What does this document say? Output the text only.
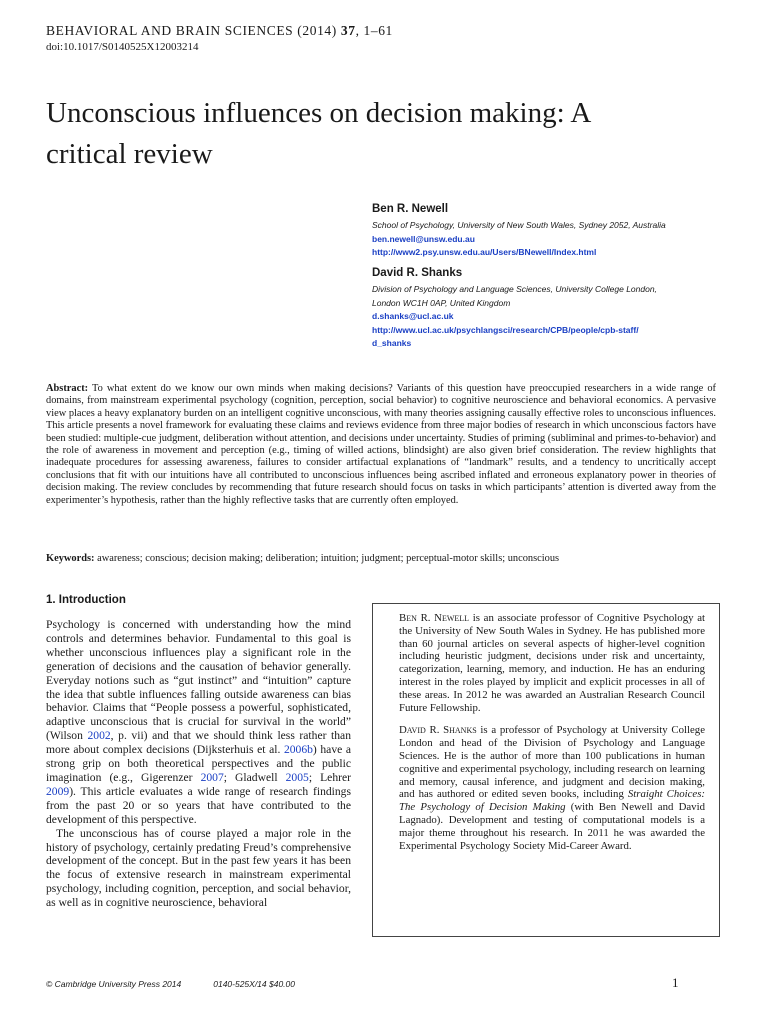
BEHAVIORAL AND BRAIN SCIENCES (2014) 37, 1–61
doi:10.1017/S0140525X12003214
Unconscious influences on decision making: A critical review
Ben R. Newell
School of Psychology, University of New South Wales, Sydney 2052, Australia
ben.newell@unsw.edu.au
http://www2.psy.unsw.edu.au/Users/BNewell/Index.html
David R. Shanks
Division of Psychology and Language Sciences, University College London,
London WC1H 0AP, United Kingdom
d.shanks@ucl.ac.uk
http://www.ucl.ac.uk/psychlangsci/research/CPB/people/cpb-staff/
d_shanks
Abstract: To what extent do we know our own minds when making decisions? Variants of this question have preoccupied researchers in a wide range of domains, from mainstream experimental psychology (cognition, perception, social behavior) to cognitive neuroscience and behavioral economics. A pervasive view places a heavy explanatory burden on an intelligent cognitive unconscious, with many theories assigning causally effective roles to unconscious influences. This article presents a novel framework for evaluating these claims and reviews evidence from three major bodies of research in which unconscious factors have been studied: multiple-cue judgment, deliberation without attention, and decisions under uncertainty. Studies of priming (subliminal and primes-to-behavior) and the role of awareness in movement and perception (e.g., timing of willed actions, blindsight) are also given brief consideration. The review highlights that inadequate procedures for assessing awareness, failures to consider artifactual explanations of “landmark” results, and a tendency to uncritically accept conclusions that fit with our intuitions have all contributed to unconscious influences being ascribed inflated and erroneous explanatory power in theories of decision making. The review concludes by recommending that future research should focus on tasks in which participants’ attention is diverted away from the experimenter’s hypothesis, rather than the highly reflective tasks that are currently often employed.
Keywords: awareness; conscious; decision making; deliberation; intuition; judgment; perceptual-motor skills; unconscious
1. Introduction

Psychology is concerned with understanding how the mind controls and determines behavior. Fundamental to this goal is whether unconscious influences play a significant role in the generation of decisions and the causation of behavior generally. Everyday notions such as “gut instinct” and “intuition” capture the idea that subtle influences falling outside awareness can bias behavior. Claims that “People possess a powerful, sophisticated, adaptive unconscious that is crucial for survival in the world” (Wilson 2002, p. vii) and that we should think less rather than more about complex decisions (Dijksterhuis et al. 2006b) have a strong grip on both theoretical perspectives and the public imagination (e.g., Gigerenzer 2007; Gladwell 2005; Lehrer 2009). This article evaluates a wide range of research findings from the past 20 or so years that have contributed to the development of this perspective.

The unconscious has of course played a major role in the history of psychology, certainly predating Freud’s comprehensive development of the concept. But in the past few years it has been the focus of extensive research in mainstream experimental psychology, including cognition, perception, and social behavior, as well as in cognitive neuroscience, behavioral

Ben R. Newell is an associate professor of Cognitive Psychology at the University of New South Wales in Sydney. He has published more than 60 journal articles on several aspects of higher-level cognition including heuristic judgment, decisions under risk and uncertainty, categorization, learning, memory, and induction. He has an enduring interest in the roles played by implicit and explicit processes in all of these areas. In 2012 he was awarded an Australian Research Council Future Fellowship.

David R. Shanks is a professor of Psychology at University College London and head of the Division of Psychology and Language Sciences. He is the author of more than 100 publications in human cognitive and experimental psychology, including research on learning and memory, causal inference, and judgment and decision making, and has authored or edited seven books, including Straight Choices: The Psychology of Decision Making (with Ben Newell and David Lagnado). Development and testing of computational models is a major theme throughout his research. In 2011 he was awarded the Experimental Psychology Society Mid-Career Award.

© Cambridge University Press 2014	0140-525X/14 $40.00	1
